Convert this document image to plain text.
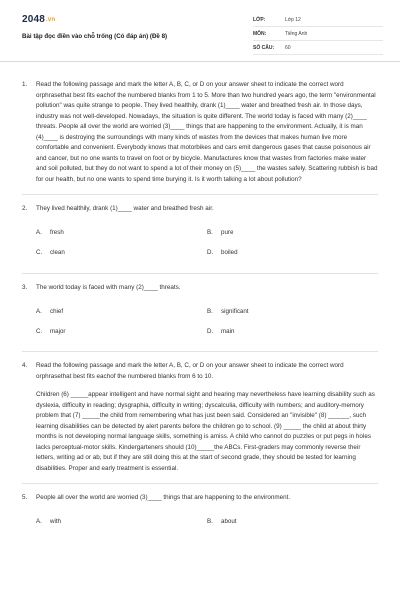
2048.vn
Bài tập đọc điền vào chỗ trống (Có đáp án) (Đề 8)
LỚP:	Lớp 12
MÔN:	Tiếng Anh
SỐ CÂU:	60
1. Read the following passage and mark the letter A, B, C, or D on your answer sheet to indicate the correct word orphrasethat best fits eachof the numbered blanks from 1 to 5. More than two hundred years ago, the term "environmental pollution" was quite strange to people. They lived healthily, drank (1)____ water and breathed fresh air. In those days, industry was not well-developed. Nowadays, the situation is quite different. The world today is faced with many (2)____ threats. People all over the world are worried (3)____ things that are happening to the environment. Actually, it is man (4)____ is destroying the surroundings with many kinds of wastes from the devices that makes human live more comfortable and convenient. Everybody knows that motorbikes and cars emit dangerous gases that cause poisonous air and cancer, but no one wants to travel on foot or by bicycle. Manufactures know that wastes from factories make water and soil polluted, but they do not want to spend a lot of their money on (5)____ the wastes safely. Scattering rubbish is bad for our health, but no one wants to spend time burying it. Is it worth talking a lot about pollution?

2. They lived healthily, drank (1)____ water and breathed fresh air.

A. fresh	B. pure
C. clean	D. boiled
3. The world today is faced with many (2)____ threats.

A. chief	B. significant
C. major	D. main
4. Read the following passage and mark the letter A, B, C, or D on your answer sheet to indicate the correct word orphrasethat best fits eachof the numbered blanks from 6 to 10.

Children (6) _____appear intelligent and have normal sight and hearing may nevertheless have learning disability such as dyslexia, difficulty in reading; dysgraphia, difficulty in writing; dyscalculia, difficulty with numbers; and auditory-memory problem that (7) _____the child from remembering what has just been said. Considered an "invisible" (8) ______, such learning disabilities can be detected by alert parents before the children go to school. (9) _____ the child at about thirty months is not developing normal language skills, something is amiss. A child who cannot do puzzles or put pegs in holes lacks perceptual-motor skills. Kindergarteners should (10)_____the ABCs. First-graders may commonly reverse their letters, writing ad or ab, but if they are still doing this at the start of second grade, they should be tested for learning disabilities. Proper and early treatment is essential.

5. People all over the world are worried (3)____ things that are happening to the environment.

A. with	B. about
